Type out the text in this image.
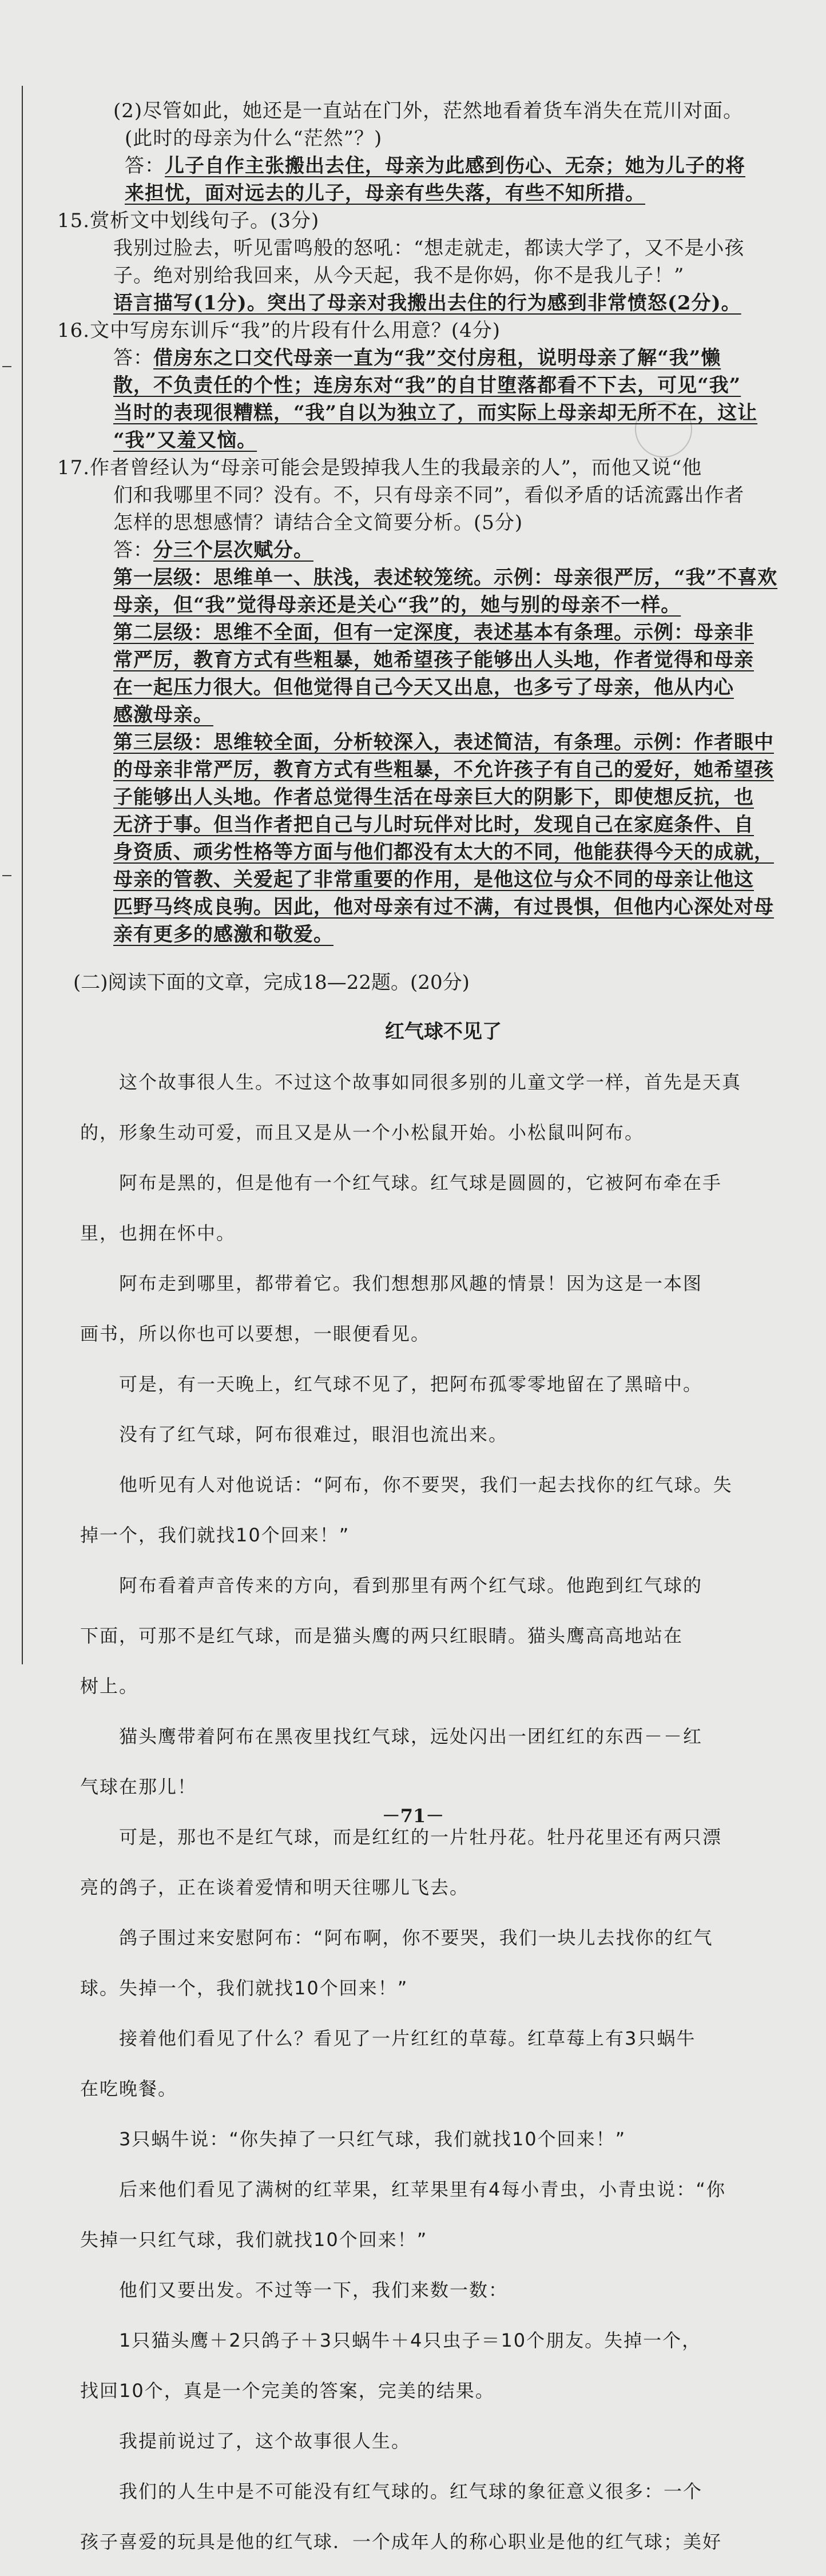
(2)尽管如此，她还是一直站在门外，茫然地看着货车消失在荒川对面。

(此时的母亲为什么“茫然”？)

答：儿子自作主张搬出去住，母亲为此感到伤心、无奈；她为儿子的将

来担忧，面对远去的儿子，母亲有些失落，有些不知所措。

15.赏析文中划线句子。(3分)

我别过脸去，听见雷鸣般的怒吼：“想走就走，都读大学了，又不是小孩

子。绝对别给我回来，从今天起，我不是你妈，你不是我儿子！”

语言描写(1分)。突出了母亲对我搬出去住的行为感到非常愤怒(2分)。

16.文中写房东训斥“我”的片段有什么用意？(4分)

答：借房东之口交代母亲一直为“我”交付房租，说明母亲了解“我”懒

散，不负责任的个性；连房东对“我”的自甘堕落都看不下去，可见“我”

当时的表现很糟糕，“我”自以为独立了，而实际上母亲却无所不在，这让

“我”又羞又恼。

17.作者曾经认为“母亲可能会是毁掉我人生的我最亲的人”，而他又说“他

们和我哪里不同？没有。不，只有母亲不同”，看似矛盾的话流露出作者

怎样的思想感情？请结合全文简要分析。(5分)

答：分三个层次赋分。

第一层级：思维单一、肤浅，表述较笼统。示例：母亲很严厉，“我”不喜欢

母亲，但“我”觉得母亲还是关心“我”的，她与别的母亲不一样。

第二层级：思维不全面，但有一定深度，表述基本有条理。示例：母亲非

常严厉，教育方式有些粗暴，她希望孩子能够出人头地，作者觉得和母亲

在一起压力很大。但他觉得自己今天又出息，也多亏了母亲，他从内心

感激母亲。

第三层级：思维较全面，分析较深入，表述简洁，有条理。示例：作者眼中

的母亲非常严厉，教育方式有些粗暴，不允许孩子有自己的爱好，她希望孩

子能够出人头地。作者总觉得生活在母亲巨大的阴影下，即使想反抗，也

无济于事。但当作者把自己与儿时玩伴对比时，发现自己在家庭条件、自

身资质、顽劣性格等方面与他们都没有太大的不同，他能获得今天的成就，

母亲的管教、关爱起了非常重要的作用，是他这位与众不同的母亲让他这

匹野马终成良驹。因此，他对母亲有过不满，有过畏惧，但他内心深处对母

亲有更多的感激和敬爱。

(二)阅读下面的文章，完成18—22题。(20分)

红气球不见了

这个故事很人生。不过这个故事如同很多别的儿童文学一样，首先是天真

的，形象生动可爱，而且又是从一个小松鼠开始。小松鼠叫阿布。

阿布是黑的，但是他有一个红气球。红气球是圆圆的，它被阿布牵在手

里，也拥在怀中。

阿布走到哪里，都带着它。我们想想那风趣的情景！因为这是一本图

画书，所以你也可以要想，一眼便看见。

可是，有一天晚上，红气球不见了，把阿布孤零零地留在了黑暗中。

没有了红气球，阿布很难过，眼泪也流出来。

他听见有人对他说话：“阿布，你不要哭，我们一起去找你的红气球。失

掉一个，我们就找10个回来！”

阿布看着声音传来的方向，看到那里有两个红气球。他跑到红气球的

下面，可那不是红气球，而是猫头鹰的两只红眼睛。猫头鹰高高地站在

树上。

猫头鹰带着阿布在黑夜里找红气球，远处闪出一团红红的东西－－红

气球在那儿！

可是，那也不是红气球，而是红红的一片牡丹花。牡丹花里还有两只漂

亮的鸽子，正在谈着爱情和明天往哪儿飞去。

鸽子围过来安慰阿布：“阿布啊，你不要哭，我们一块儿去找你的红气

球。失掉一个，我们就找10个回来！”

接着他们看见了什么？看见了一片红红的草莓。红草莓上有3只蜗牛

在吃晚餐。

3只蜗牛说：“你失掉了一只红气球，我们就找10个回来！”

后来他们看见了满树的红苹果，红苹果里有4每小青虫，小青虫说：“你

失掉一只红气球，我们就找10个回来！”

他们又要出发。不过等一下，我们来数一数：

1只猫头鹰＋2只鸽子＋3只蜗牛＋4只虫子＝10个朋友。失掉一个，

找回10个，真是一个完美的答案，完美的结果。

我提前说过了，这个故事很人生。

我们的人生中是不可能没有红气球的。红气球的象征意义很多：一个

孩子喜爱的玩具是他的红气球．一个成年人的称心职业是他的红气球；美好

－71－
